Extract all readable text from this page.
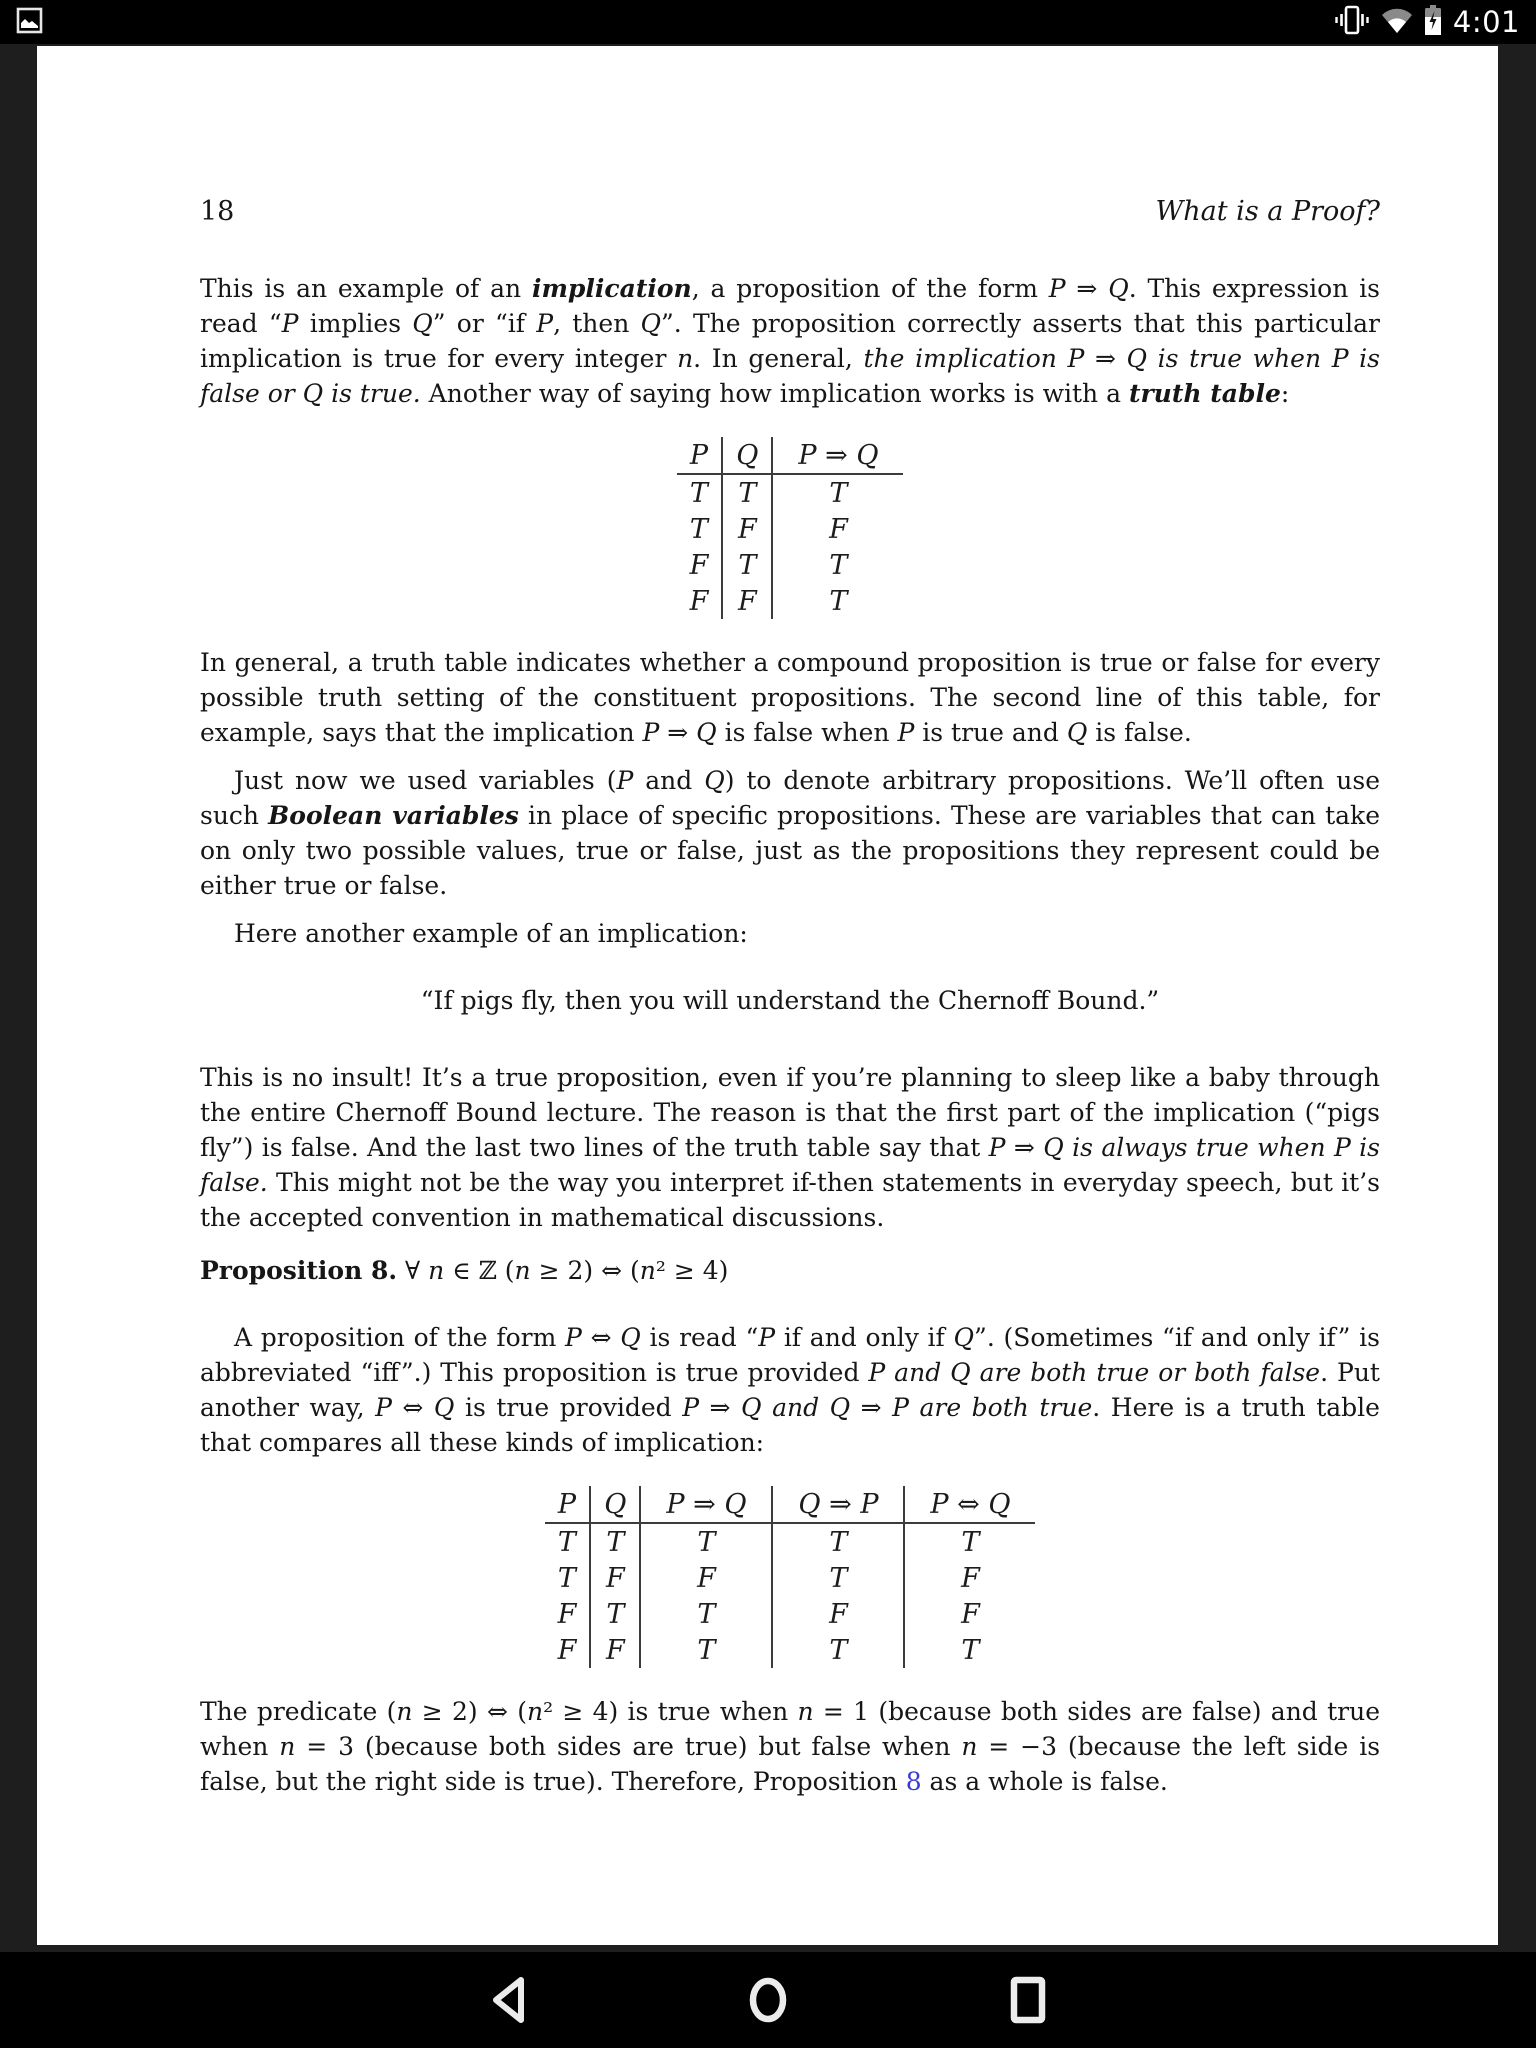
4:01
18	What is a Proof?

This is an example of an implication, a proposition of the form P ⇒ Q. This expression is read “P implies Q” or “if P, then Q”. The proposition correctly asserts that this particular implication is true for every integer n. In general, the implication P ⇒ Q is true when P is false or Q is true. Another way of saying how implication works is with a truth table:

P	Q	P ⇒ Q
T	T	T
T	F	F
F	T	T
F	F	T

In general, a truth table indicates whether a compound proposition is true or false for every possible truth setting of the constituent propositions. The second line of this table, for example, says that the implication P ⇒ Q is false when P is true and Q is false.

Just now we used variables (P and Q) to denote arbitrary propositions. We’ll often use such Boolean variables in place of specific propositions. These are variables that can take on only two possible values, true or false, just as the propositions they represent could be either true or false.

Here another example of an implication:

“If pigs fly, then you will understand the Chernoff Bound.”

This is no insult! It’s a true proposition, even if you’re planning to sleep like a baby through the entire Chernoff Bound lecture. The reason is that the first part of the implication (“pigs fly”) is false. And the last two lines of the truth table say that P ⇒ Q is always true when P is false. This might not be the way you interpret if-then statements in everyday speech, but it’s the accepted convention in mathematical discussions.

Proposition 8. ∀ n ∈ ℤ (n ≥ 2) ⇔ (n² ≥ 4)

A proposition of the form P ⇔ Q is read “P if and only if Q”. (Sometimes “if and only if” is abbreviated “iff”.) This proposition is true provided P and Q are both true or both false. Put another way, P ⇔ Q is true provided P ⇒ Q and Q ⇒ P are both true. Here is a truth table that compares all these kinds of implication:

P	Q	P ⇒ Q	Q ⇒ P	P ⇔ Q
T	T	T	T	T
T	F	F	T	F
F	T	T	F	F
F	F	T	T	T

The predicate (n ≥ 2) ⇔ (n² ≥ 4) is true when n = 1 (because both sides are false) and true when n = 3 (because both sides are true) but false when n = −3 (because the left side is false, but the right side is true). Therefore, Proposition 8 as a whole is false.
